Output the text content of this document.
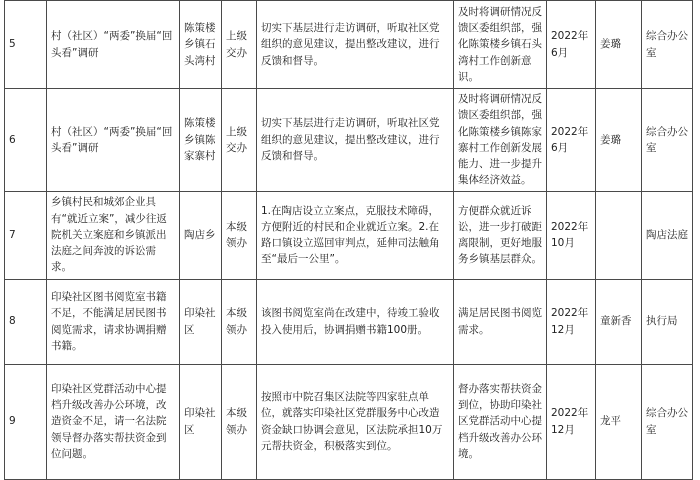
5	村（社区）“两委”换届“回头看”调研	陈策楼乡镇石头湾村	上级交办	切实下基层进行走访调研，听取社区党组织的意见建议，提出整改建议，进行反馈和督导。	及时将调研情况反馈区委组织部，强化陈策楼乡镇石头湾村工作创新意识。	2022年6月	姜璐	综合办公室

6	村（社区）“两委”换届“回头看”调研	陈策楼乡镇陈家寨村	上级交办	切实下基层进行走访调研，听取社区党组织的意见建议，提出整改建议，进行反馈和督导。	及时将调研情况反馈区委组织部，强化陈策楼乡镇陈家寨村工作创新发展能力、进一步提升集体经济效益。	2022年6月	姜璐	综合办公室

7	乡镇村民和城郊企业具有“就近立案”，减少往返院机关立案庭和乡镇派出法庭之间奔波的诉讼需求。	陶店乡	本级领办	1.在陶店设立立案点，克服技术障碍，方便附近的村民和企业就近立案。2.在路口镇设立巡回审判点，延伸司法触角至“最后一公里”。	方便群众就近诉讼，进一步打破距离限制，更好地服务乡镇基层群众。	2022年10月		陶店法庭

8	印染社区图书阅览室书籍不足，不能满足居民图书阅览需求，请求协调捐赠书籍。	印染社区	本级领办	该图书阅览室尚在改建中，待竣工验收投入使用后，协调捐赠书籍100册。	满足居民图书阅览需求。	2022年12月	童新香	执行局

9	印染社区党群活动中心提档升级改善办公环境，改造资金不足，请一名法院领导督办落实帮扶资金到位问题。	印染社区	本级领办	按照市中院召集区法院等四家驻点单位，就落实印染社区党群服务中心改造资金缺口协调会意见，区法院承担10万元帮扶资金，积极落实到位。	督办落实帮扶资金到位，协助印染社区党群活动中心提档升级改善办公环境。	2022年12月	龙平	综合办公室
